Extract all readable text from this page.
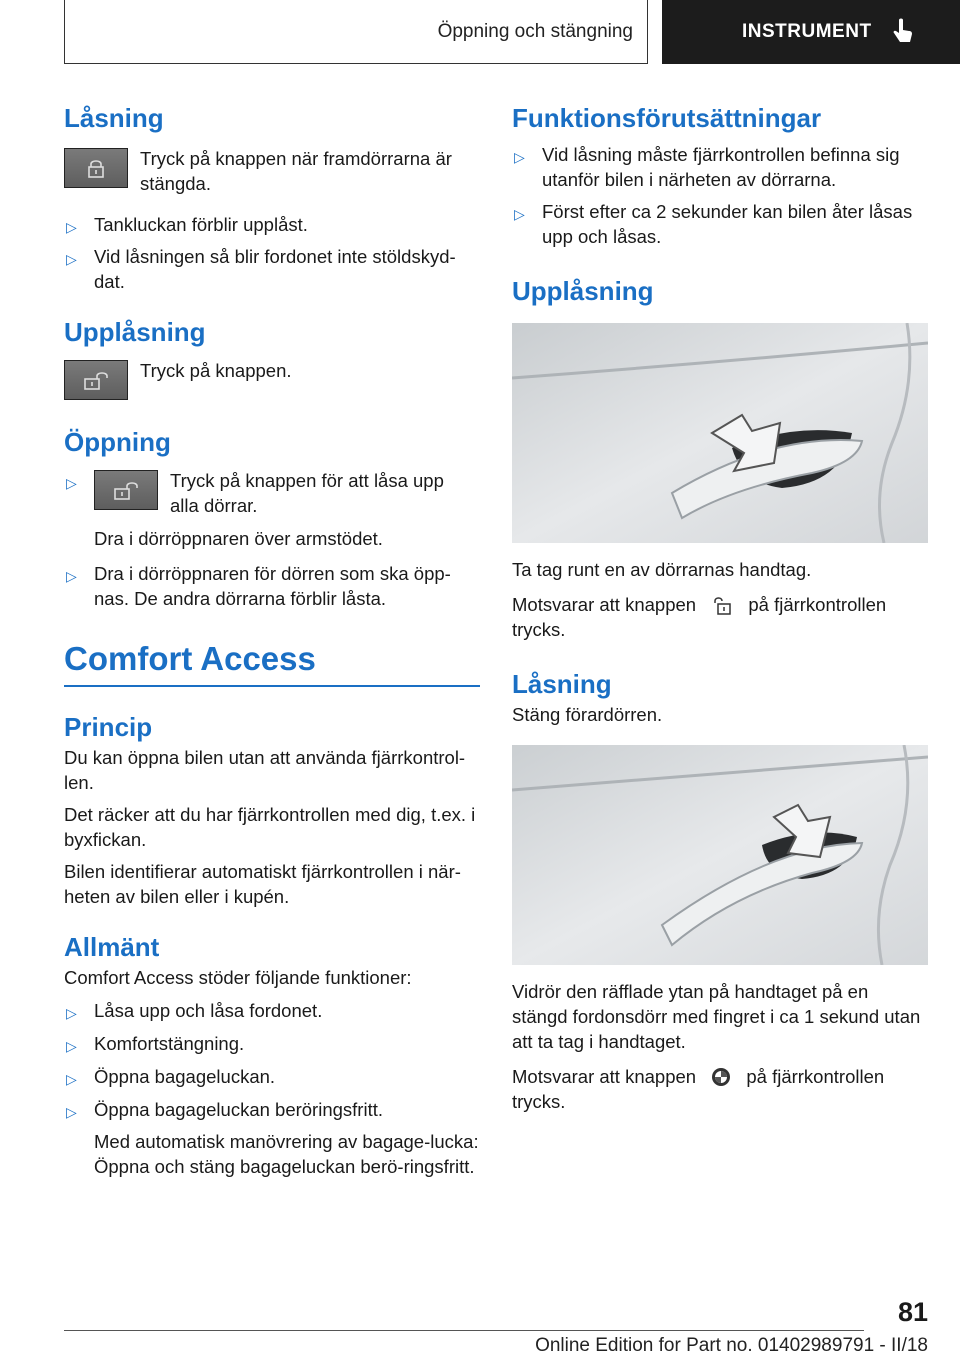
Öppning och stängning	INSTRUMENT
Låsning

Tryck på knappen när framdörrarna är stängda.

▷ Tankluckan förblir upplåst.
▷ Vid låsningen så blir fordonet inte stöldskyd-dat.
Upplåsning

Tryck på knappen.

Öppning
▷	Tryck på knappen för att låsa upp alla dörrar.
Dra i dörröppnaren över armstödet.
▷ Dra i dörröppnaren för dörren som ska öpp-nas. De andra dörrarna förblir låsta.
Comfort Access
Princip

Du kan öppna bilen utan att använda fjärrkontrol-len.

Det räcker att du har fjärrkontrollen med dig, t.ex. i byxfickan.

Bilen identifierar automatiskt fjärrkontrollen i när-heten av bilen eller i kupén.

Allmänt

Comfort Access stöder följande funktioner:

▷ Låsa upp och låsa fordonet.
▷ Komfortstängning.
▷ Öppna bagageluckan.
▷ Öppna bagageluckan beröringsfritt.
Med automatisk manövrering av bagage-lucka: Öppna och stäng bagageluckan berö-ringsfritt.
Funktionsförutsättningar
▷ Vid låsning måste fjärrkontrollen befinna sig utanför bilen i närheten av dörrarna.
▷ Först efter ca 2 sekunder kan bilen åter låsas upp och låsas.
Upplåsning

Ta tag runt en av dörrarnas handtag.

Motsvarar att knappen	på fjärrkontrollen trycks.

Låsning

Stäng förardörren.

Vidrör den räfflade ytan på handtaget på en stängd fordonsdörr med fingret i ca 1 sekund utan att ta tag i handtaget.

Motsvarar att knappen	på fjärrkontrollen trycks.

81
Online Edition for Part no. 01402989791 - II/18
